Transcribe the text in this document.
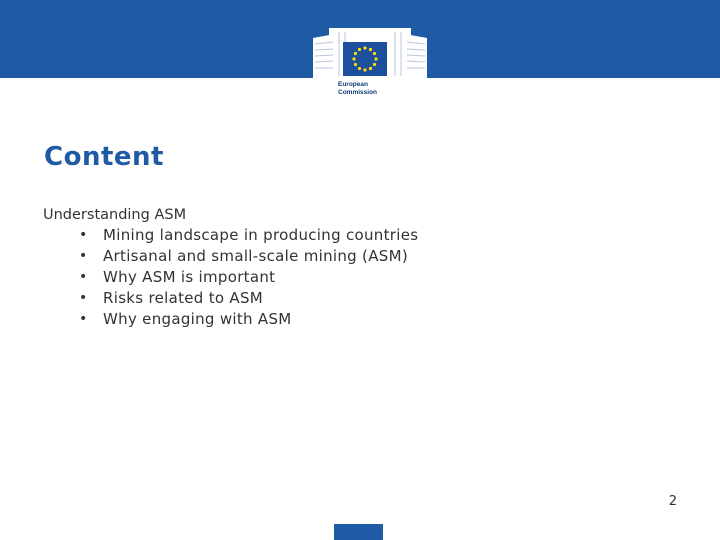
European
Commission
Content
Understanding ASM
• Mining landscape in producing countries
• Artisanal and small-scale mining (ASM)
• Why ASM is important
• Risks related to ASM
• Why engaging with ASM
2
